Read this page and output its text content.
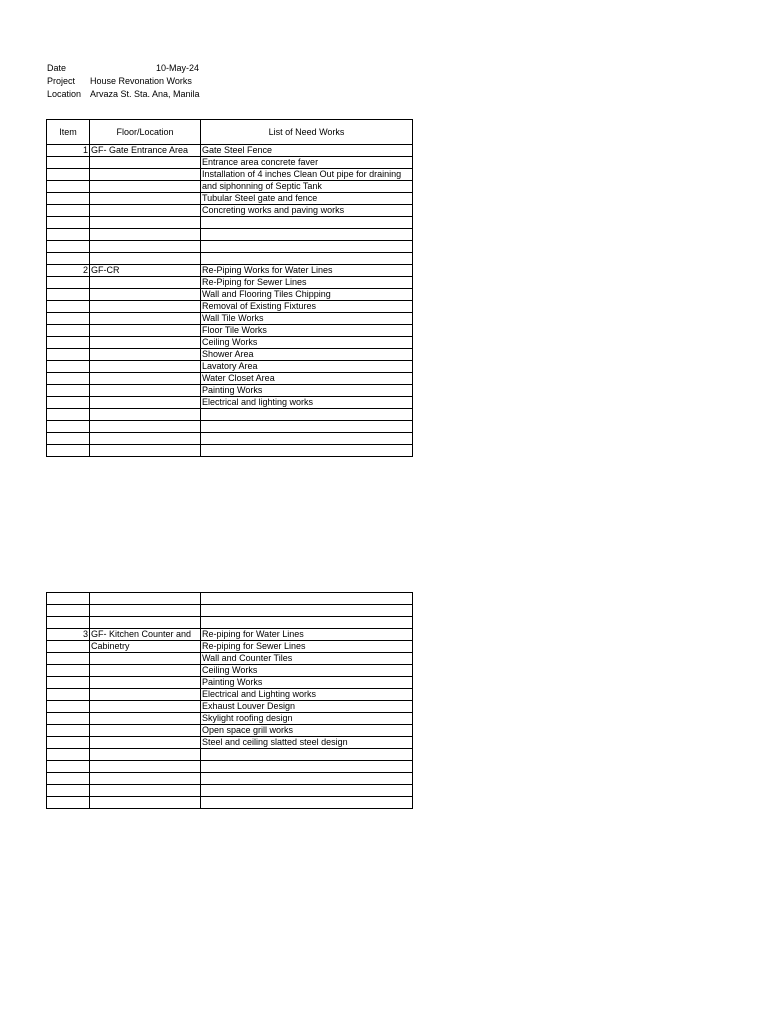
Date	10-May-24
Project House Revonation Works
Location Arvaza St. Sta. Ana, Manila
Item	Floor/Location	List of Need Works
1	GF- Gate Entrance Area	Gate Steel Fence
		Entrance area concrete faver
		Installation of 4 inches Clean Out pipe for draining
		and siphonning of Septic Tank
		Tubular Steel gate and fence
		Concreting works and paving works

2	GF-CR	Re-Piping Works for Water Lines
		Re-Piping for Sewer Lines
		Wall and Flooring Tiles Chipping
		Removal of Existing Fixtures
		Wall Tile Works
		Floor Tile Works
		Ceiling Works
		Shower Area
		Lavatory Area
		Water Closet Area
		Painting Works
		Electrical and lighting works

3	GF- Kitchen Counter and	Re-piping for Water Lines
	Cabinetry	Re-piping for Sewer Lines
		Wall and Counter Tiles
		Ceiling Works
		Painting Works
		Electrical and Lighting works
		Exhaust Louver Design
		Skylight roofing design
		Open space grill works
		Steel and ceiling slatted steel design
